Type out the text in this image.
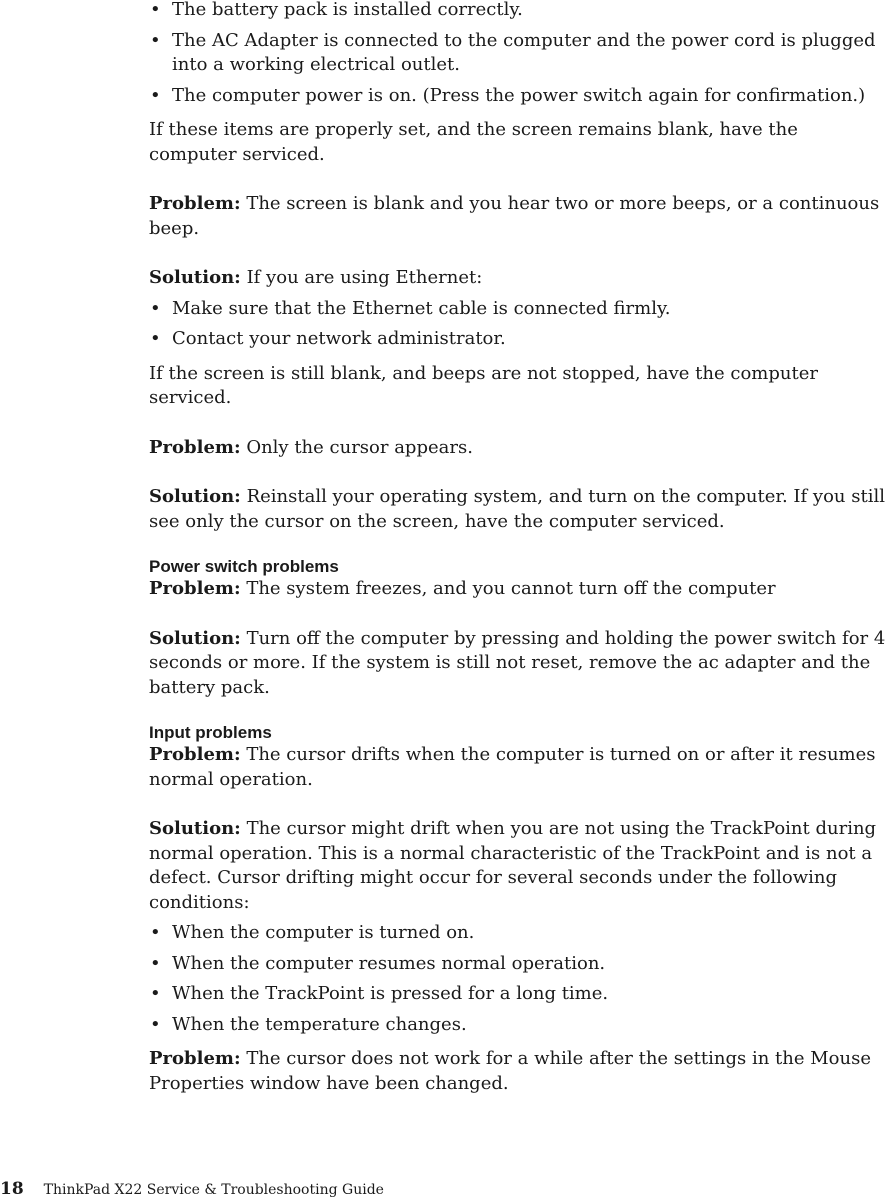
• The battery pack is installed correctly.
• The AC Adapter is connected to the computer and the power cord is plugged into a working electrical outlet.
• The computer power is on. (Press the power switch again for confirmation.)

If these items are properly set, and the screen remains blank, have the computer serviced.

Problem: The screen is blank and you hear two or more beeps, or a continuous beep.

Solution: If you are using Ethernet:

• Make sure that the Ethernet cable is connected firmly.
• Contact your network administrator.

If the screen is still blank, and beeps are not stopped, have the computer serviced.

Problem: Only the cursor appears.

Solution: Reinstall your operating system, and turn on the computer. If you still see only the cursor on the screen, have the computer serviced.

Power switch problems

Problem: The system freezes, and you cannot turn off the computer

Solution: Turn off the computer by pressing and holding the power switch for 4 seconds or more. If the system is still not reset, remove the ac adapter and the battery pack.

Input problems

Problem: The cursor drifts when the computer is turned on or after it resumes normal operation.

Solution: The cursor might drift when you are not using the TrackPoint during normal operation. This is a normal characteristic of the TrackPoint and is not a defect. Cursor drifting might occur for several seconds under the following conditions:

• When the computer is turned on.
• When the computer resumes normal operation.
• When the TrackPoint is pressed for a long time.
• When the temperature changes.

Problem: The cursor does not work for a while after the settings in the Mouse Properties window have been changed.

18 ThinkPad X22 Service & Troubleshooting Guide
